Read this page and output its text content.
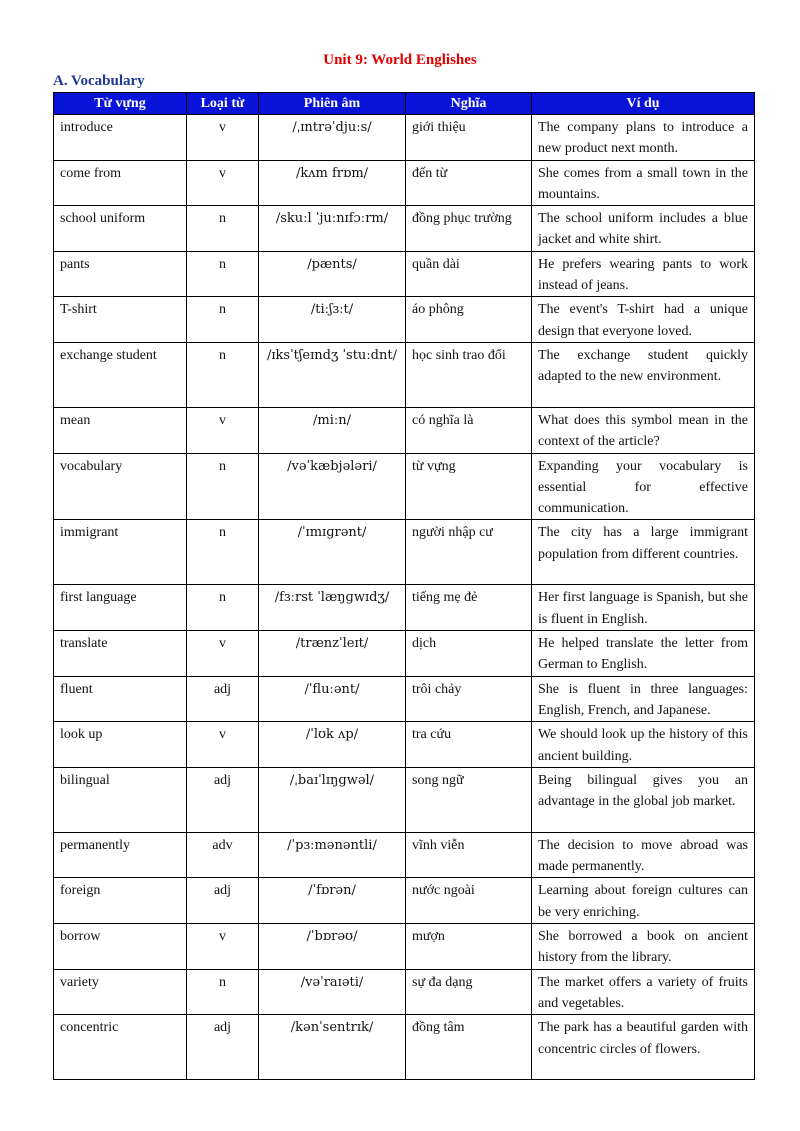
Unit 9: World Englishes
A. Vocabulary
Từ vựng	Loại từ	Phiên âm	Nghĩa	Ví dụ
introduce	v	/ˌɪntrəˈdjuːs/	giới thiệu	The company plans to introduce a new product next month.
come from	v	/kʌm frɒm/	đến từ	She comes from a small town in the mountains.
school uniform	n	/skuːl ˈjuːnɪfɔːrm/	đồng phục trường	The school uniform includes a blue jacket and white shirt.
pants	n	/pænts/	quần dài	He prefers wearing pants to work instead of jeans.
T-shirt	n	/tiːʃɜːt/	áo phông	The event's T-shirt had a unique design that everyone loved.
exchange student	n	/ɪksˈtʃeɪndʒ ˈstuːdnt/	học sinh trao đổi	The exchange student quickly adapted to the new environment.
mean	v	/miːn/	có nghĩa là	What does this symbol mean in the context of the article?
vocabulary	n	/vəˈkæbjələri/	từ vựng	Expanding your vocabulary is essential for effective communication.
immigrant	n	/ˈɪmɪɡrənt/	người nhập cư	The city has a large immigrant population from different countries.
first language	n	/fɜːrst ˈlæŋɡwɪdʒ/	tiếng mẹ đẻ	Her first language is Spanish, but she is fluent in English.
translate	v	/trænzˈleɪt/	dịch	He helped translate the letter from German to English.
fluent	adj	/ˈfluːənt/	trôi chảy	She is fluent in three languages: English, French, and Japanese.
look up	v	/ˈlʊk ʌp/	tra cứu	We should look up the history of this ancient building.
bilingual	adj	/ˌbaɪˈlɪŋɡwəl/	song ngữ	Being bilingual gives you an advantage in the global job market.
permanently	adv	/ˈpɜːmənəntli/	vĩnh viễn	The decision to move abroad was made permanently.
foreign	adj	/ˈfɒrən/	nước ngoài	Learning about foreign cultures can be very enriching.
borrow	v	/ˈbɒrəʊ/	mượn	She borrowed a book on ancient history from the library.
variety	n	/vəˈraɪəti/	sự đa dạng	The market offers a variety of fruits and vegetables.
concentric	adj	/kənˈsentrɪk/	đồng tâm	The park has a beautiful garden with concentric circles of flowers.
